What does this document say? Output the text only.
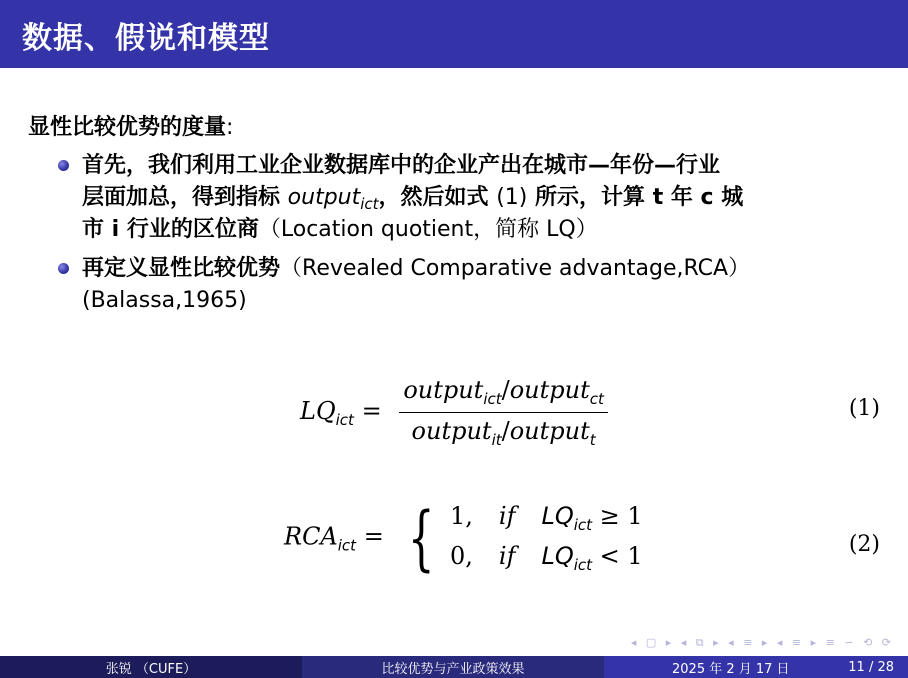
数据、假说和模型

显性比较优势的度量:

首先，我们利用工业企业数据库中的企业产出在城市—年份—行业
层面加总，得到指标 output$_{ict}$，然后如式 (1) 所示，计算 t 年 c 城
市 i 行业的区位商（Location quotient，简称 LQ）
再定义显性比较优势（Revealed Comparative advantage,RCA）
(Balassa,1965)
$LQ_{ict} = \frac{output_{ict}/output_{ct}}{output_{it}/output_t}$	(1)
$RCA_{ict}$ = { 1, if $LQ_{ict} \ge 1$
0, if $LQ_{ict} < 1$	(2)
◂ ▢ ▸ ◂ ⧉ ▸ ◂ ≡ ▸ ◂ ≡ ▸ ≡ ∽ ⟲ ⟳
张锐 （CUFE）	比较优势与产业政策效果	2025 年 2 月 17 日	11 / 28
